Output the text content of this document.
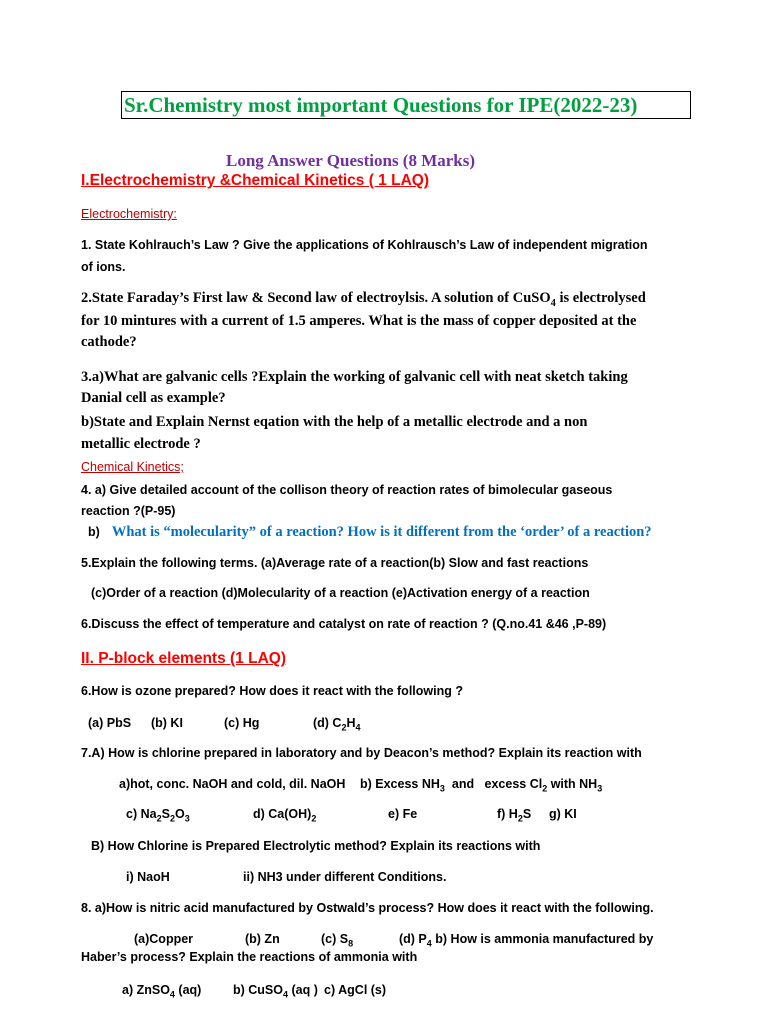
Sr.Chemistry most important Questions for IPE(2022-23)
Long Answer Questions (8 Marks)
I.Electrochemistry &Chemical Kinetics ( 1 LAQ)
Electrochemistry:
1. State Kohlrauch’s Law ? Give the applications of Kohlrausch’s Law of independent migration
of ions.
2.State Faraday’s First law & Second law of electroylsis. A solution of CuSO$_4$ is electrolysed
for 10 mintures with a current of 1.5 amperes. What is the mass of copper deposited at the
cathode?
3.a)What are galvanic cells ?Explain the working of galvanic cell with neat sketch taking
Danial cell as example?
b)State and Explain Nernst eqation with the help of a metallic electrode and a non
metallic electrode ?
Chemical Kinetics;
4. a) Give detailed account of the collison theory of reaction rates of bimolecular gaseous
reaction ?(P-95)
b) What is “molecularity” of a reaction? How is it different from the ‘order’ of a reaction?
5.Explain the following terms. (a)Average rate of a reaction(b) Slow and fast reactions
(c)Order of a reaction (d)Molecularity of a reaction (e)Activation energy of a reaction
6.Discuss the effect of temperature and catalyst on rate of reaction ? (Q.no.41 &46 ,P-89)
II. P-block elements (1 LAQ)
6.How is ozone prepared? How does it react with the following ?
(a) PbS (b) KI	(c) Hg	(d) $C_2H_4$
7.A) How is chlorine prepared in laboratory and by Deacon’s method? Explain its reaction with
a)hot, conc. NaOH and cold, dil. NaOH b) Excess $NH_3$  and   excess $Cl_2$ with $NH_3$
c) $Na_2S_2O_3$	d) $Ca(OH)_2$	e) Fe	f) $H_2S$ g) KI
B) How Chlorine is Prepared Electrolytic method? Explain its reactions with
i) NaoH	ii) NH3 under different Conditions.
8. a)How is nitric acid manufactured by Ostwald’s process? How does it react with the following.
(a)Copper	(b) Zn	(c) $S_8$	(d) $P_4$ b) How is ammonia manufactured by
Haber’s process? Explain the reactions of ammonia with
a) ZnSO$_4$ (aq)	b) CuSO$_4$ (aq ) c) AgCl (s)
